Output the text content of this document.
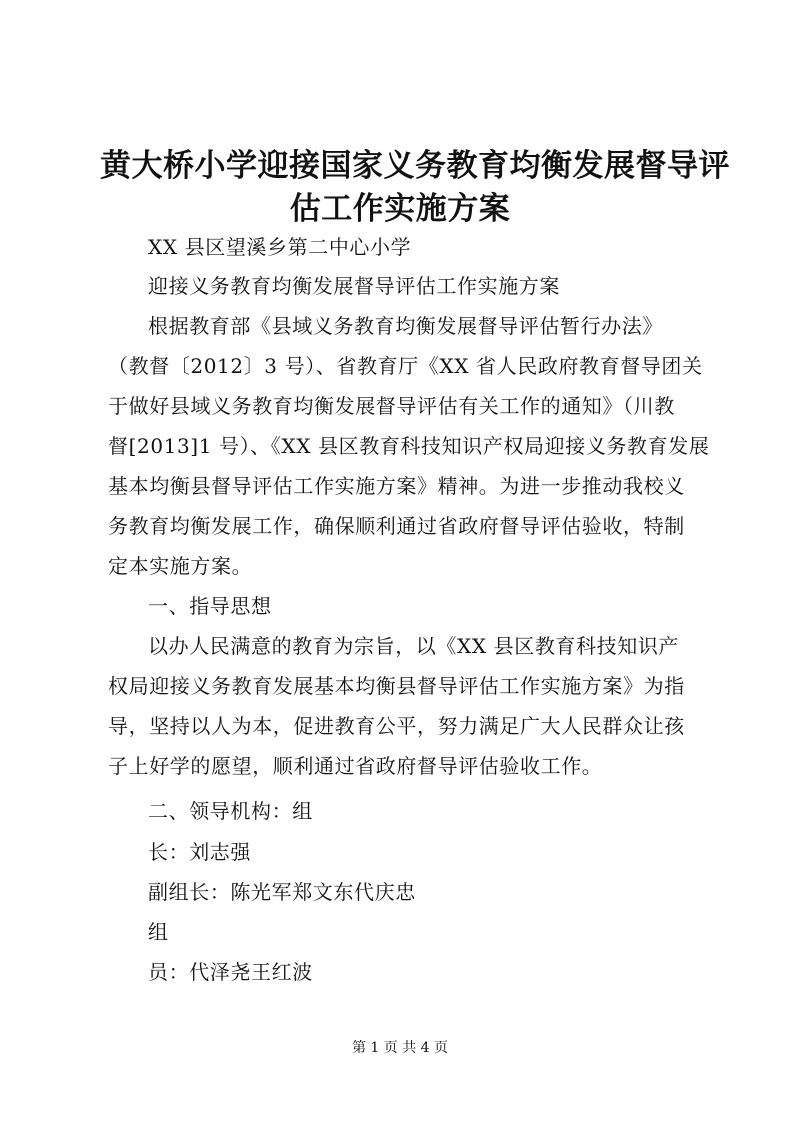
黄大桥小学迎接国家义务教育均衡发展督导评
估工作实施方案
XX 县区望溪乡第二中心小学
迎接义务教育均衡发展督导评估工作实施方案
根据教育部《县域义务教育均衡发展督导评估暂行办法》
（教督〔2012〕3 号）、省教育厅《XX 省人民政府教育督导团关
于做好县域义务教育均衡发展督导评估有关工作的通知》（川教
督[2013]1 号）、《XX 县区教育科技知识产权局迎接义务教育发展
基本均衡县督导评估工作实施方案》精神。为进一步推动我校义
务教育均衡发展工作，确保顺利通过省政府督导评估验收，特制
定本实施方案。
一、指导思想
以办人民满意的教育为宗旨，以《XX 县区教育科技知识产
权局迎接义务教育发展基本均衡县督导评估工作实施方案》为指
导，坚持以人为本，促进教育公平，努力满足广大人民群众让孩
子上好学的愿望，顺利通过省政府督导评估验收工作。
二、领导机构：组
长：刘志强
副组长：陈光军郑文东代庆忠
组
员：代泽尧王红波
第 1 页 共 4 页
